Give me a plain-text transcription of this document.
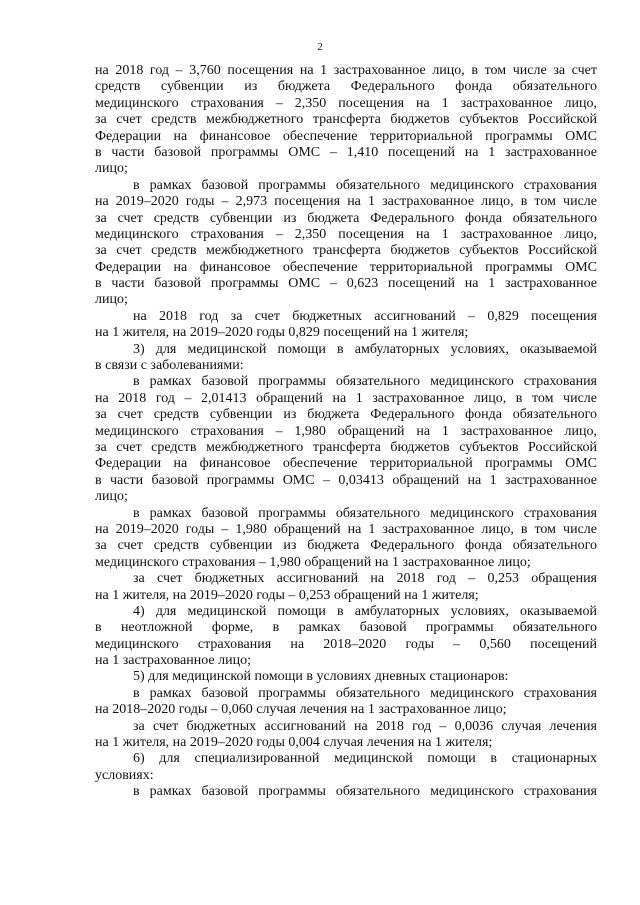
2
на 2018 год – 3,760 посещения на 1 застрахованное лицо, в том числе за счет
средств субвенции из бюджета Федерального фонда обязательного
медицинского страхования – 2,350 посещения на 1 застрахованное лицо,
за счет средств межбюджетного трансферта бюджетов субъектов Российской
Федерации на финансовое обеспечение территориальной программы ОМС
в части базовой программы ОМС – 1,410 посещений на 1 застрахованное
лицо;
в рамках базовой программы обязательного медицинского страхования
на 2019–2020 годы – 2,973 посещения на 1 застрахованное лицо, в том числе
за счет средств субвенции из бюджета Федерального фонда обязательного
медицинского страхования – 2,350 посещения на 1 застрахованное лицо,
за счет средств межбюджетного трансферта бюджетов субъектов Российской
Федерации на финансовое обеспечение территориальной программы ОМС
в части базовой программы ОМС – 0,623 посещений на 1 застрахованное
лицо;
на 2018 год за счет бюджетных ассигнований – 0,829 посещения
на 1 жителя, на 2019–2020 годы 0,829 посещений на 1 жителя;
3) для медицинской помощи в амбулаторных условиях, оказываемой
в связи с заболеваниями:
в рамках базовой программы обязательного медицинского страхования
на 2018 год – 2,01413 обращений на 1 застрахованное лицо, в том числе
за счет средств субвенции из бюджета Федерального фонда обязательного
медицинского страхования – 1,980 обращений на 1 застрахованное лицо,
за счет средств межбюджетного трансферта бюджетов субъектов Российской
Федерации на финансовое обеспечение территориальной программы ОМС
в части базовой программы ОМС – 0,03413 обращений на 1 застрахованное
лицо;
в рамках базовой программы обязательного медицинского страхования
на 2019–2020 годы – 1,980 обращений на 1 застрахованное лицо, в том числе
за счет средств субвенции из бюджета Федерального фонда обязательного
медицинского страхования – 1,980 обращений на 1 застрахованное лицо;
за счет бюджетных ассигнований на 2018 год – 0,253 обращения
на 1 жителя, на 2019–2020 годы – 0,253 обращений на 1 жителя;
4) для медицинской помощи в амбулаторных условиях, оказываемой
в неотложной форме, в рамках базовой программы обязательного
медицинского страхования на 2018–2020 годы – 0,560 посещений
на 1 застрахованное лицо;
5) для медицинской помощи в условиях дневных стационаров:
в рамках базовой программы обязательного медицинского страхования
на 2018–2020 годы – 0,060 случая лечения на 1 застрахованное лицо;
за счет бюджетных ассигнований на 2018 год – 0,0036 случая лечения
на 1 жителя, на 2019–2020 годы 0,004 случая лечения на 1 жителя;
6) для специализированной медицинской помощи в стационарных
условиях:
в рамках базовой программы обязательного медицинского страхования
